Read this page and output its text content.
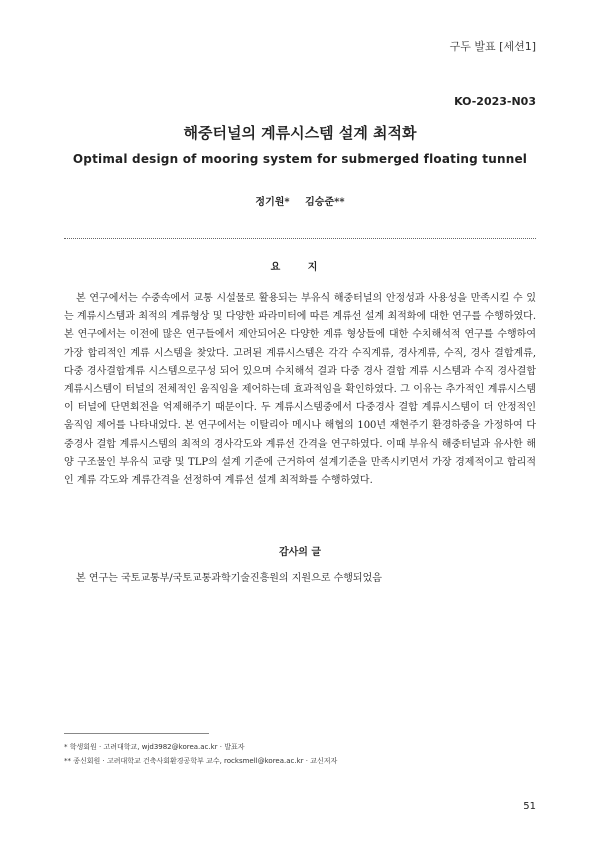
구두 발표 [세션1]
KO-2023-N03
해중터널의 계류시스템 설계 최적화
Optimal design of mooring system for submerged floating tunnel
정기원* 김승준**
요 지

본 연구에서는 수중속에서 교통 시설물로 활용되는 부유식 해중터널의 안정성과 사용성을 만족시킬 수 있는 계류시스템과 최적의 계류형상 및 다양한 파라미터에 따른 계류선 설계 최적화에 대한 연구를 수행하였다. 본 연구에서는 이전에 많은 연구들에서 제안되어온 다양한 계류 형상들에 대한 수치해석적 연구를 수행하여 가장 합리적인 계류 시스템을 찾았다. 고려된 계류시스템은 각각 수직계류, 경사계류, 수직, 경사 결합계류, 다중 경사결합계류 시스템으로구성 되어 있으며 수치해석 결과 다중 경사 결합 계류 시스템과 수직 경사결합 계류시스템이 터널의 전체적인 움직임을 제어하는데 효과적임을 확인하였다. 그 이유는 추가적인 계류시스템이 터널에 단면회전을 억제해주기 때문이다. 두 계류시스템중에서 다중경사 결합 계류시스템이 더 안정적인 움직임 제어를 나타내었다. 본 연구에서는 이탈리아 메시나 해협의 100년 재현주기 환경하중을 가정하여 다중경사 결합 계류시스템의 최적의 경사각도와 계류선 간격을 연구하였다. 이때 부유식 해중터널과 유사한 해양 구조물인 부유식 교량 및 TLP의 설계 기준에 근거하여 설계기준을 만족시키면서 가장 경제적이고 합리적인 계류 각도와 계류간격을 선정하여 계류선 설계 최적화를 수행하였다.

감사의 글

본 연구는 국토교통부/국토교통과학기술진흥원의 지원으로 수행되었음

* 학생회원 · 고려대학교, wjd3982@korea.ac.kr · 발표자
** 종신회원 · 고려대학교 건축사회환경공학부 교수, rocksmell@korea.ac.kr · 교신저자
51
